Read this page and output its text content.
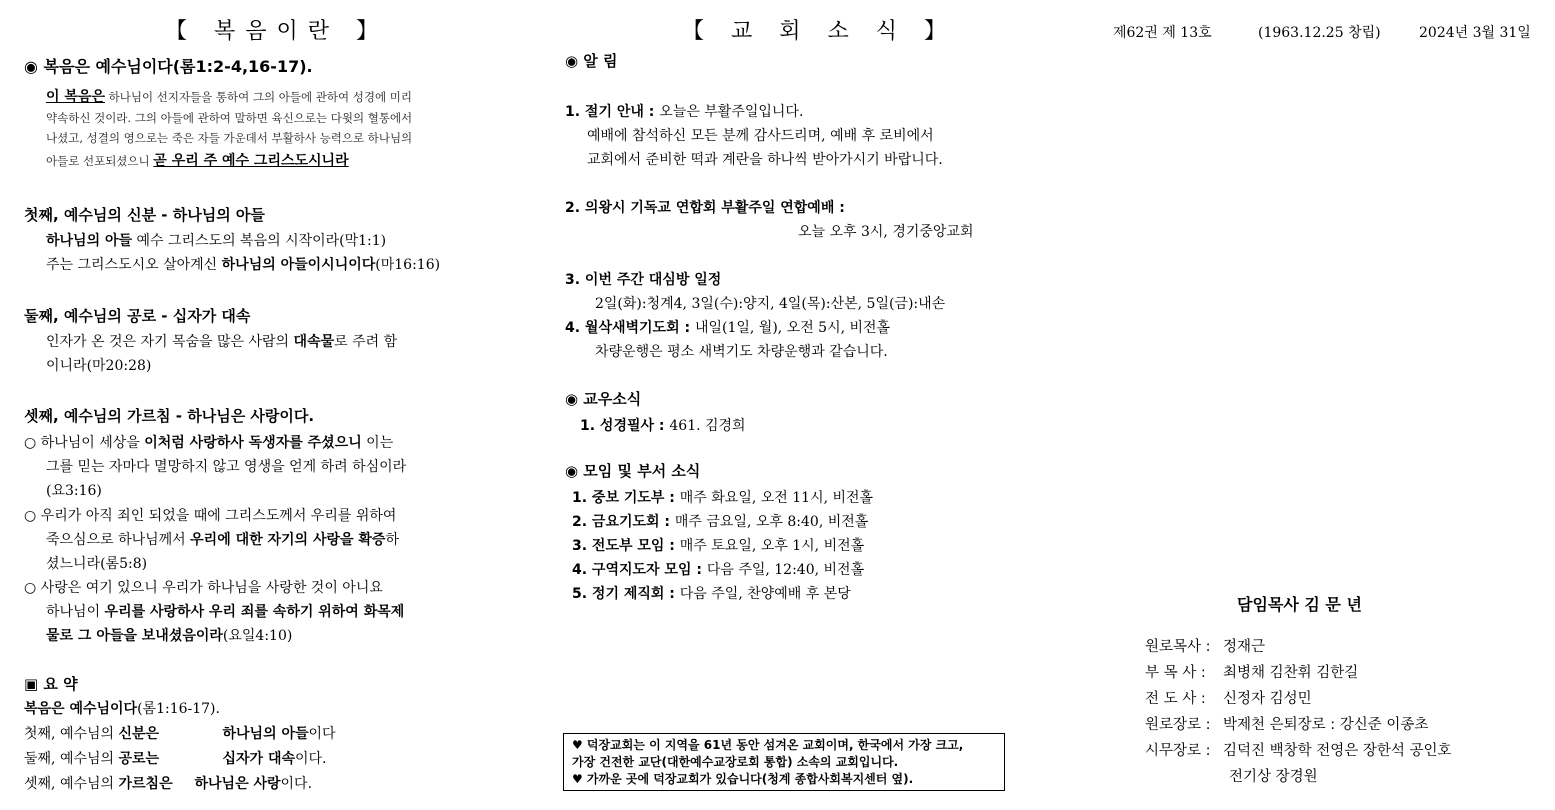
【 복음이란 】
◉ 복음은 예수님이다(롬1:2-4,16-17).
이 복음은 하나님이 선지자들을 통하여 그의 아들에 관하여 성경에 미리
약속하신 것이라. 그의 아들에 관하여 말하면 육신으로는 다윗의 혈통에서
나셨고, 성결의 영으로는 죽은 자들 가운데서 부활하사 능력으로 하나님의
아들로 선포되셨으니 곧 우리 주 예수 그리스도시니라
첫째, 예수님의 신분 - 하나님의 아들
하나님의 아들 예수 그리스도의 복음의 시작이라(막1:1)
주는 그리스도시오 살아계신 하나님의 아들이시니이다(마16:16)
둘째, 예수님의 공로 - 십자가 대속
인자가 온 것은 자기 목숨을 많은 사람의 대속물로 주려 함
이니라(마20:28)
셋째, 예수님의 가르침 - 하나님은 사랑이다.
○ 하나님이 세상을 이처럼 사랑하사 독생자를 주셨으니 이는
그를 믿는 자마다 멸망하지 않고 영생을 얻게 하려 하심이라
(요3:16)
○ 우리가 아직 죄인 되었을 때에 그리스도께서 우리를 위하여
죽으심으로 하나님께서 우리에 대한 자기의 사랑을 확증하
셨느니라(롬5:8)
○ 사랑은 여기 있으니 우리가 하나님을 사랑한 것이 아니요
하나님이 우리를 사랑하사 우리 죄를 속하기 위하여 화목제
물로 그 아들을 보내셨음이라(요일4:10)
▣ 요 약
복음은 예수님이다(롬1:16-17).
첫째, 예수님의 신분은	하나님의 아들이다
둘째, 예수님의 공로는	십자가 대속이다.
셋째, 예수님의 가르침은 하나님은 사랑이다.
【 교 회 소 식 】
◉ 알 림
1. 절기 안내 : 오늘은 부활주일입니다.
예배에 참석하신 모든 분께 감사드리며, 예배 후 로비에서
교회에서 준비한 떡과 계란을 하나씩 받아가시기 바랍니다.
2. 의왕시 기독교 연합회 부활주일 연합예배 :
오늘 오후 3시, 경기중앙교회
3. 이번 주간 대심방 일정
2일(화):청계4, 3일(수):양지, 4일(목):산본, 5일(금):내손
4. 월삭새벽기도회 : 내일(1일, 월), 오전 5시, 비전홀
차량운행은 평소 새벽기도 차량운행과 같습니다.
◉ 교우소식
1. 성경필사 : 461. 김경희
◉ 모임 및 부서 소식
1. 중보 기도부 : 매주 화요일, 오전 11시, 비전홀
2. 금요기도회 : 매주 금요일, 오후 8:40, 비전홀
3. 전도부 모임 : 매주 토요일, 오후 1시, 비전홀
4. 구역지도자 모임 : 다음 주일, 12:40, 비전홀
5. 정기 제직회 : 다음 주일, 찬양예배 후 본당
♥ 덕장교회는 이 지역을 61년 동안 섬겨온 교회이며, 한국에서 가장 크고,
가장 건전한 교단(대한예수교장로회 통합) 소속의 교회입니다.
♥ 가까운 곳에 덕장교회가 있습니다(청계 종합사회복지센터 옆).
제62권 제 13호	(1963.12.25 창립)	2024년 3월 31일
담임목사 김 문 년
원로목사 :정재근
부 목 사 :최병채 김찬휘 김한길
전 도 사 :신정자 김성민
원로장로 :박제천 은퇴장로 : 강신준 이종초
시무장로 :김덕진 백창학 전영은 장한석 공인호
전기상 장경원
